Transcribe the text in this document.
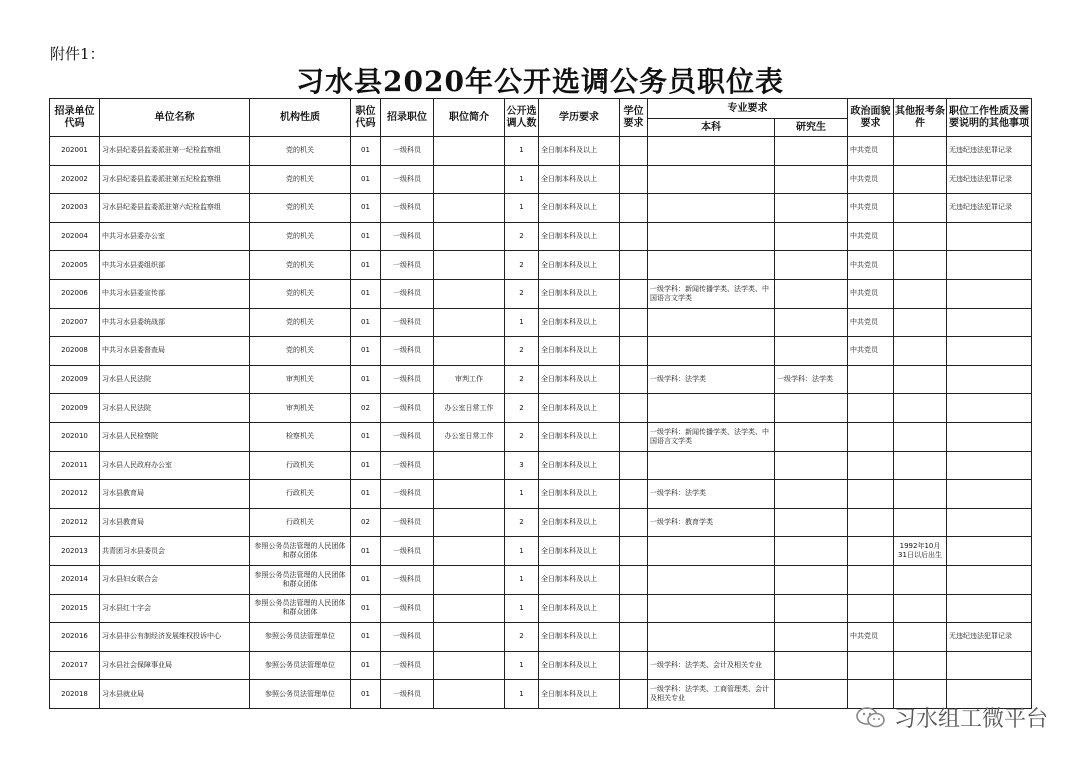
附件1：
习水县2020年公开选调公务员职位表
招录单位代码	单位名称	机构性质	职位代码	招录职位	职位简介	公开选调人数	学历要求	学位要求	专业要求		政治面貌要求	其他报考条件	职位工作性质及需要说明的其他事项
									本科	研究生			
202001	习水县纪委县监委派驻第一纪检监察组	党的机关	01	一级科员		1	全日制本科及以上				中共党员		无违纪违法犯罪记录
202002	习水县纪委县监委派驻第五纪检监察组	党的机关	01	一级科员		1	全日制本科及以上				中共党员		无违纪违法犯罪记录
202003	习水县纪委县监委派驻第六纪检监察组	党的机关	01	一级科员		1	全日制本科及以上				中共党员		无违纪违法犯罪记录
202004	中共习水县委办公室	党的机关	01	一级科员		2	全日制本科及以上				中共党员		
202005	中共习水县委组织部	党的机关	01	一级科员		2	全日制本科及以上				中共党员		
202006	中共习水县委宣传部	党的机关	01	一级科员		2	全日制本科及以上		一级学科：新闻传播学类、法学类、中国语言文学类		中共党员		
202007	中共习水县委统战部	党的机关	01	一级科员		1	全日制本科及以上				中共党员		
202008	中共习水县委督查局	党的机关	01	一级科员		2	全日制本科及以上				中共党员		
202009	习水县人民法院	审判机关	01	一级科员	审判工作	2	全日制本科及以上		一级学科：法学类	一级学科：法学类			
202009	习水县人民法院	审判机关	02	一级科员	办公室日常工作	2	全日制本科及以上						
202010	习水县人民检察院	检察机关	01	一级科员	办公室日常工作	2	全日制本科及以上		一级学科：新闻传播学类、法学类、中国语言文学类				
202011	习水县人民政府办公室	行政机关	01	一级科员		3	全日制本科及以上						
202012	习水县教育局	行政机关	01	一级科员		1	全日制本科及以上		一级学科：法学类				
202012	习水县教育局	行政机关	02	一级科员		2	全日制本科及以上		一级学科：教育学类				
202013	共青团习水县委员会	参照公务员法管理的人民团体和群众团体	01	一级科员		1	全日制本科及以上					1992年10月31日以后出生	
202014	习水县妇女联合会	参照公务员法管理的人民团体和群众团体	01	一级科员		1	全日制本科及以上						
202015	习水县红十字会	参照公务员法管理的人民团体和群众团体	01	一级科员		1	全日制本科及以上						
202016	习水县非公有制经济发展维权投诉中心	参照公务员法管理单位	01	一级科员		2	全日制本科及以上				中共党员		无违纪违法犯罪记录
202017	习水县社会保障事业局	参照公务员法管理单位	01	一级科员		1	全日制本科及以上		一级学科：法学类、会计及相关专业				
202018	习水县就业局	参照公务员法管理单位	01	一级科员		1	全日制本科及以上		一级学科：法学类、工商管理类、会计及相关专业				
习水组工微平台
